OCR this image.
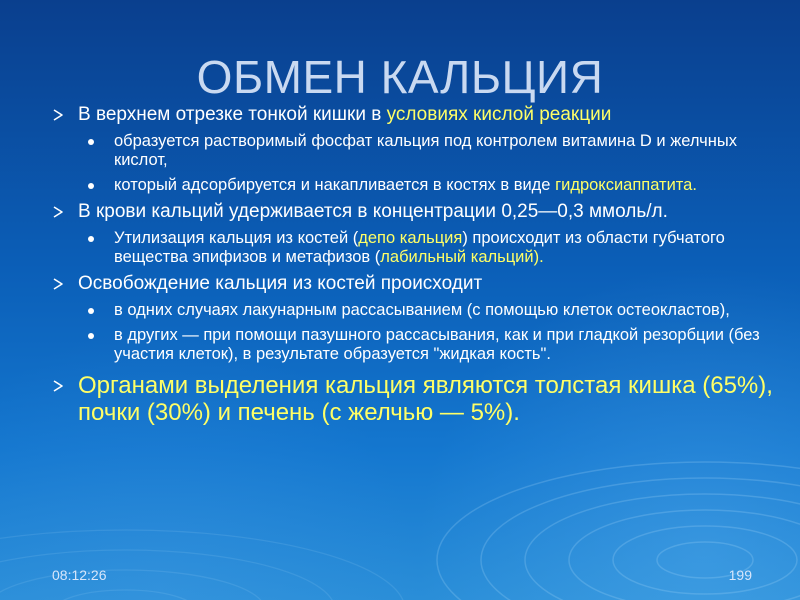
ОБМЕН КАЛЬЦИЯ
В верхнем отрезке тонкой кишки в условиях кислой реакции
образуется растворимый фосфат кальция под контролем витамина D и желчных кислот,
который адсорбируется и накапливается в костях в виде гидроксиаппатита.
В крови кальций удерживается в концентрации 0,25—0,3 ммоль/л.
Утилизация кальция из костей (депо кальция) происходит из области губчатого вещества эпифизов и метафизов (лабильный кальций).
Освобождение кальция из костей происходит
в одних случаях лакунарным рассасыванием (с помощью клеток остеокластов),
в других — при помощи пазушного рассасывания, как и при гладкой резорбции (без участия клеток), в результате образуется "жидкая кость".
Органами выделения кальция являются толстая кишка (65%), почки (30%) и печень (с желчью — 5%).
08:12:26	199
